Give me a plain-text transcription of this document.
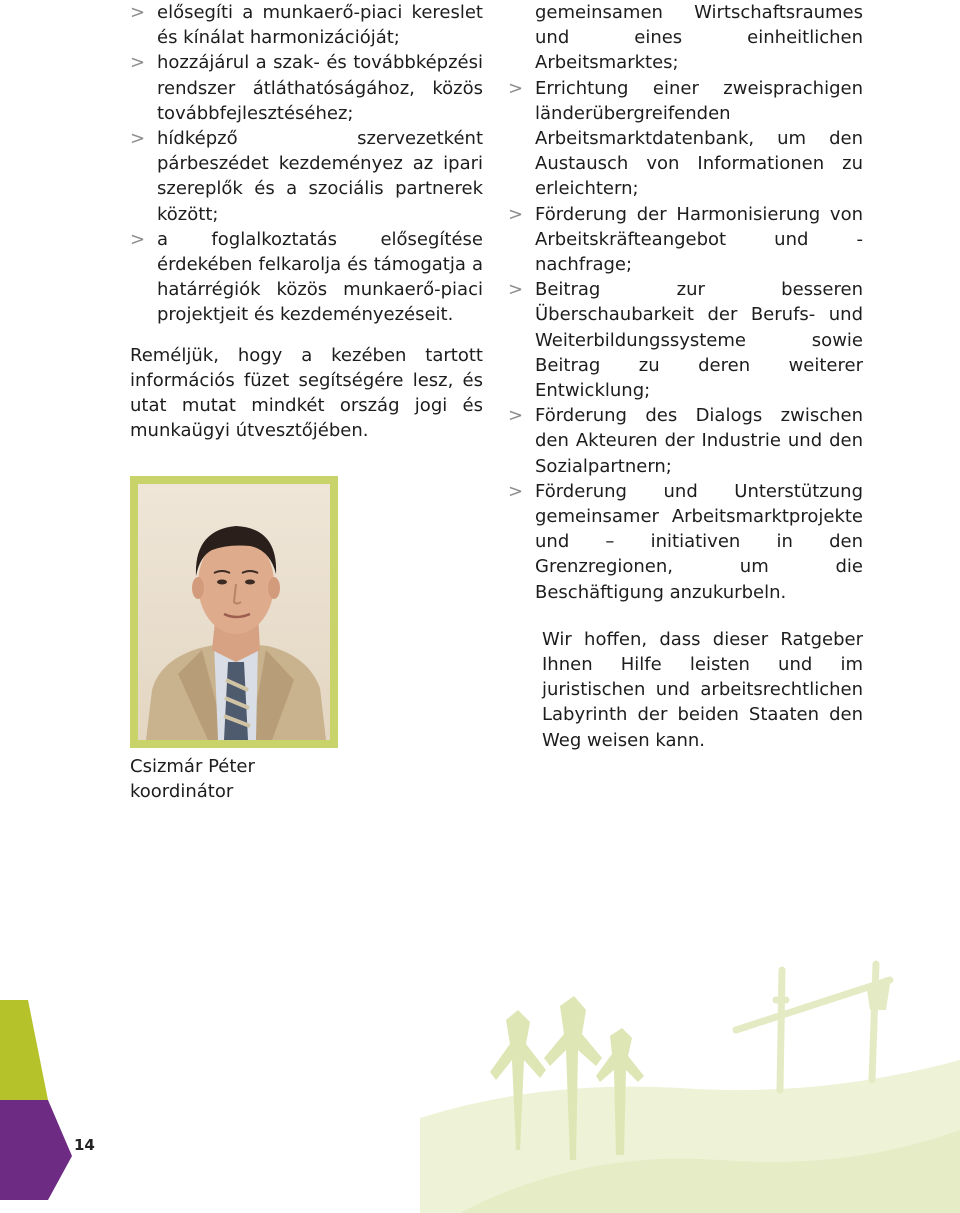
> elősegíti a munkaerő-piaci kereslet és kínálat harmonizációját;
> hozzájárul a szak- és továbbképzési rendszer átláthatóságához, közös továbbfejlesztéséhez;
> hídképző szervezetként párbeszédet kezdeményez az ipari szereplők és a szociális partnerek között;
> a foglalkoztatás elősegítése érdekében felkarolja és támogatja a határrégiók közös munkaerő-piaci projektjeit és kezdeményezéseit.

Reméljük, hogy a kezében tartott információs füzet segítségére lesz, és utat mutat mindkét ország jogi és munkaügyi útvesztőjében.

gemeinsamen Wirtschaftsraumes und eines einheitlichen Arbeitsmarktes;
> Errichtung einer zweisprachigen länderübergreifenden Arbeitsmarktdatenbank, um den Austausch von Informationen zu erleichtern;
> Förderung der Harmonisierung von Arbeitskräfteangebot und -nachfrage;
> Beitrag zur besseren Überschaubarkeit der Berufs- und Weiterbildungssysteme sowie Beitrag zu deren weiterer Entwicklung;
> Förderung des Dialogs zwischen den Akteuren der Industrie und den Sozialpartnern;
> Förderung und Unterstützung gemeinsamer Arbeitsmarktprojekte und – initiativen in den Grenzregionen, um die Beschäftigung anzukurbeln.

Wir hoffen, dass dieser Ratgeber Ihnen Hilfe leisten und im juristischen und arbeitsrechtlichen Labyrinth der beiden Staaten den Weg weisen kann.

Csizmár Péter
koordinátor
14
